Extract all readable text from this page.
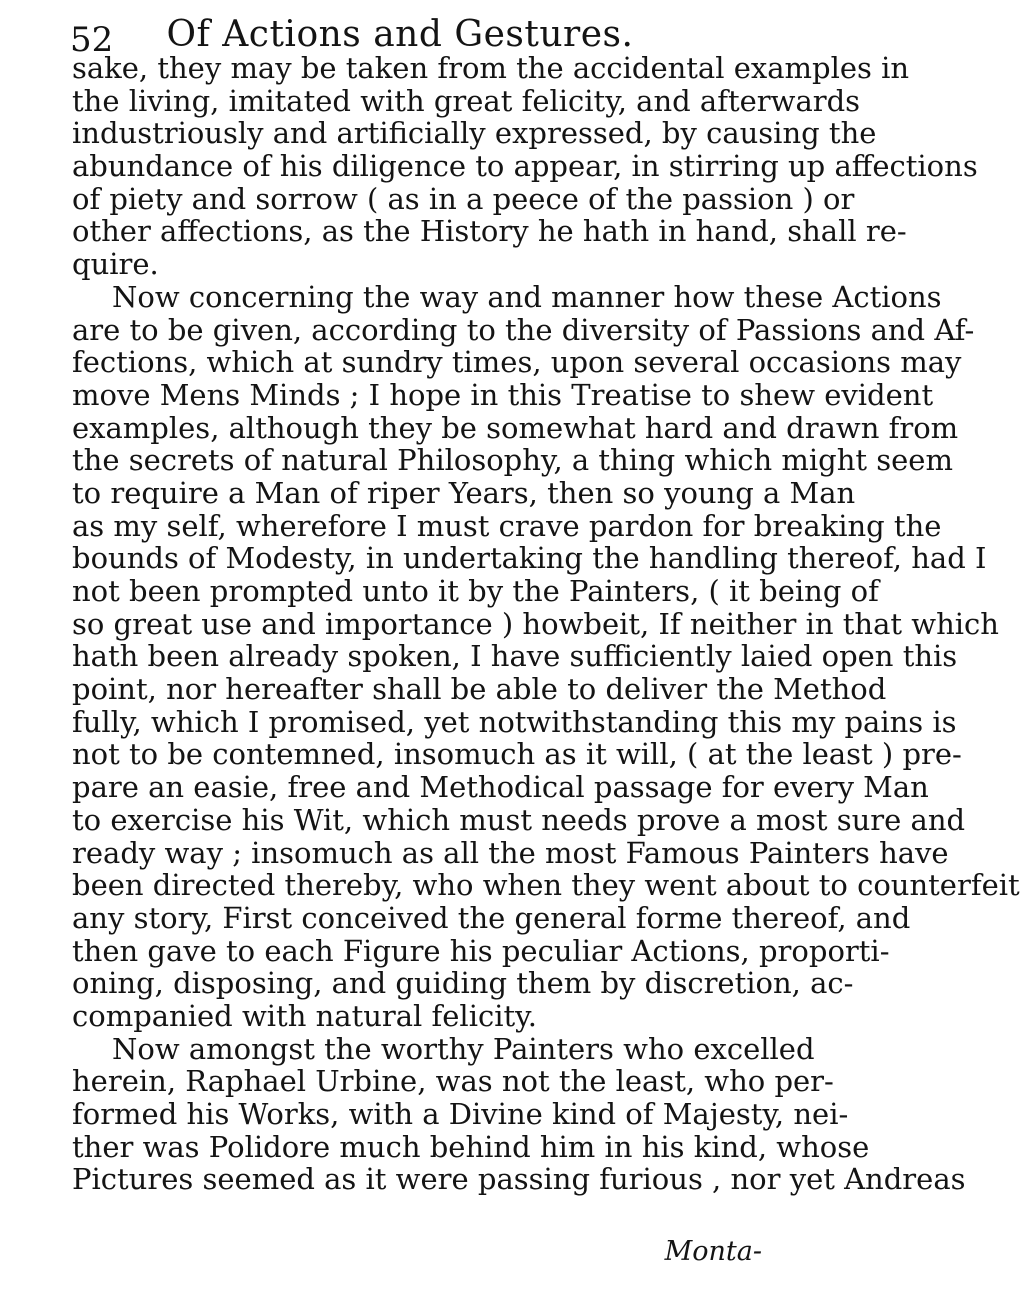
52	Of Actions and Gestures.
sake, they may be taken from the accidental examples in
the living, imitated with great felicity, and afterwards
industriously and artificially expressed, by causing the
abundance of his diligence to appear, in stirring up affections
of piety and sorrow ( as in a peece of the passion ) or
other affections, as the History he hath in hand, shall re-
quire.
Now concerning the way and manner how these Actions
are to be given, according to the diversity of Passions and Af-
fections, which at sundry times, upon several occasions may
move Mens Minds ; I hope in this Treatise to shew evident
examples, although they be somewhat hard and drawn from
the secrets of natural Philosophy, a thing which might seem
to require a Man of riper Years, then so young a Man
as my self, wherefore I must crave pardon for breaking the
bounds of Modesty, in undertaking the handling thereof, had I
not been prompted unto it by the Painters, ( it being of
so great use and importance ) howbeit, If neither in that which
hath been already spoken, I have sufficiently laied open this
point, nor hereafter shall be able to deliver the Method
fully, which I promised, yet notwithstanding this my pains is
not to be contemned, insomuch as it will, ( at the least ) pre-
pare an easie, free and Methodical passage for every Man
to exercise his Wit, which must needs prove a most sure and
ready way ; insomuch as all the most Famous Painters have
been directed thereby, who when they went about to counterfeit
any story, First conceived the general forme thereof, and
then gave to each Figure his peculiar Actions, proporti-
oning, disposing, and guiding them by discretion, ac-
companied with natural felicity.
Now amongst the worthy Painters who excelled
herein, Raphael Urbine, was not the least, who per-
formed his Works, with a Divine kind of Majesty, nei-
ther was Polidore much behind him in his kind, whose
Pictures seemed as it were passing furious , nor yet Andreas
Monta-
